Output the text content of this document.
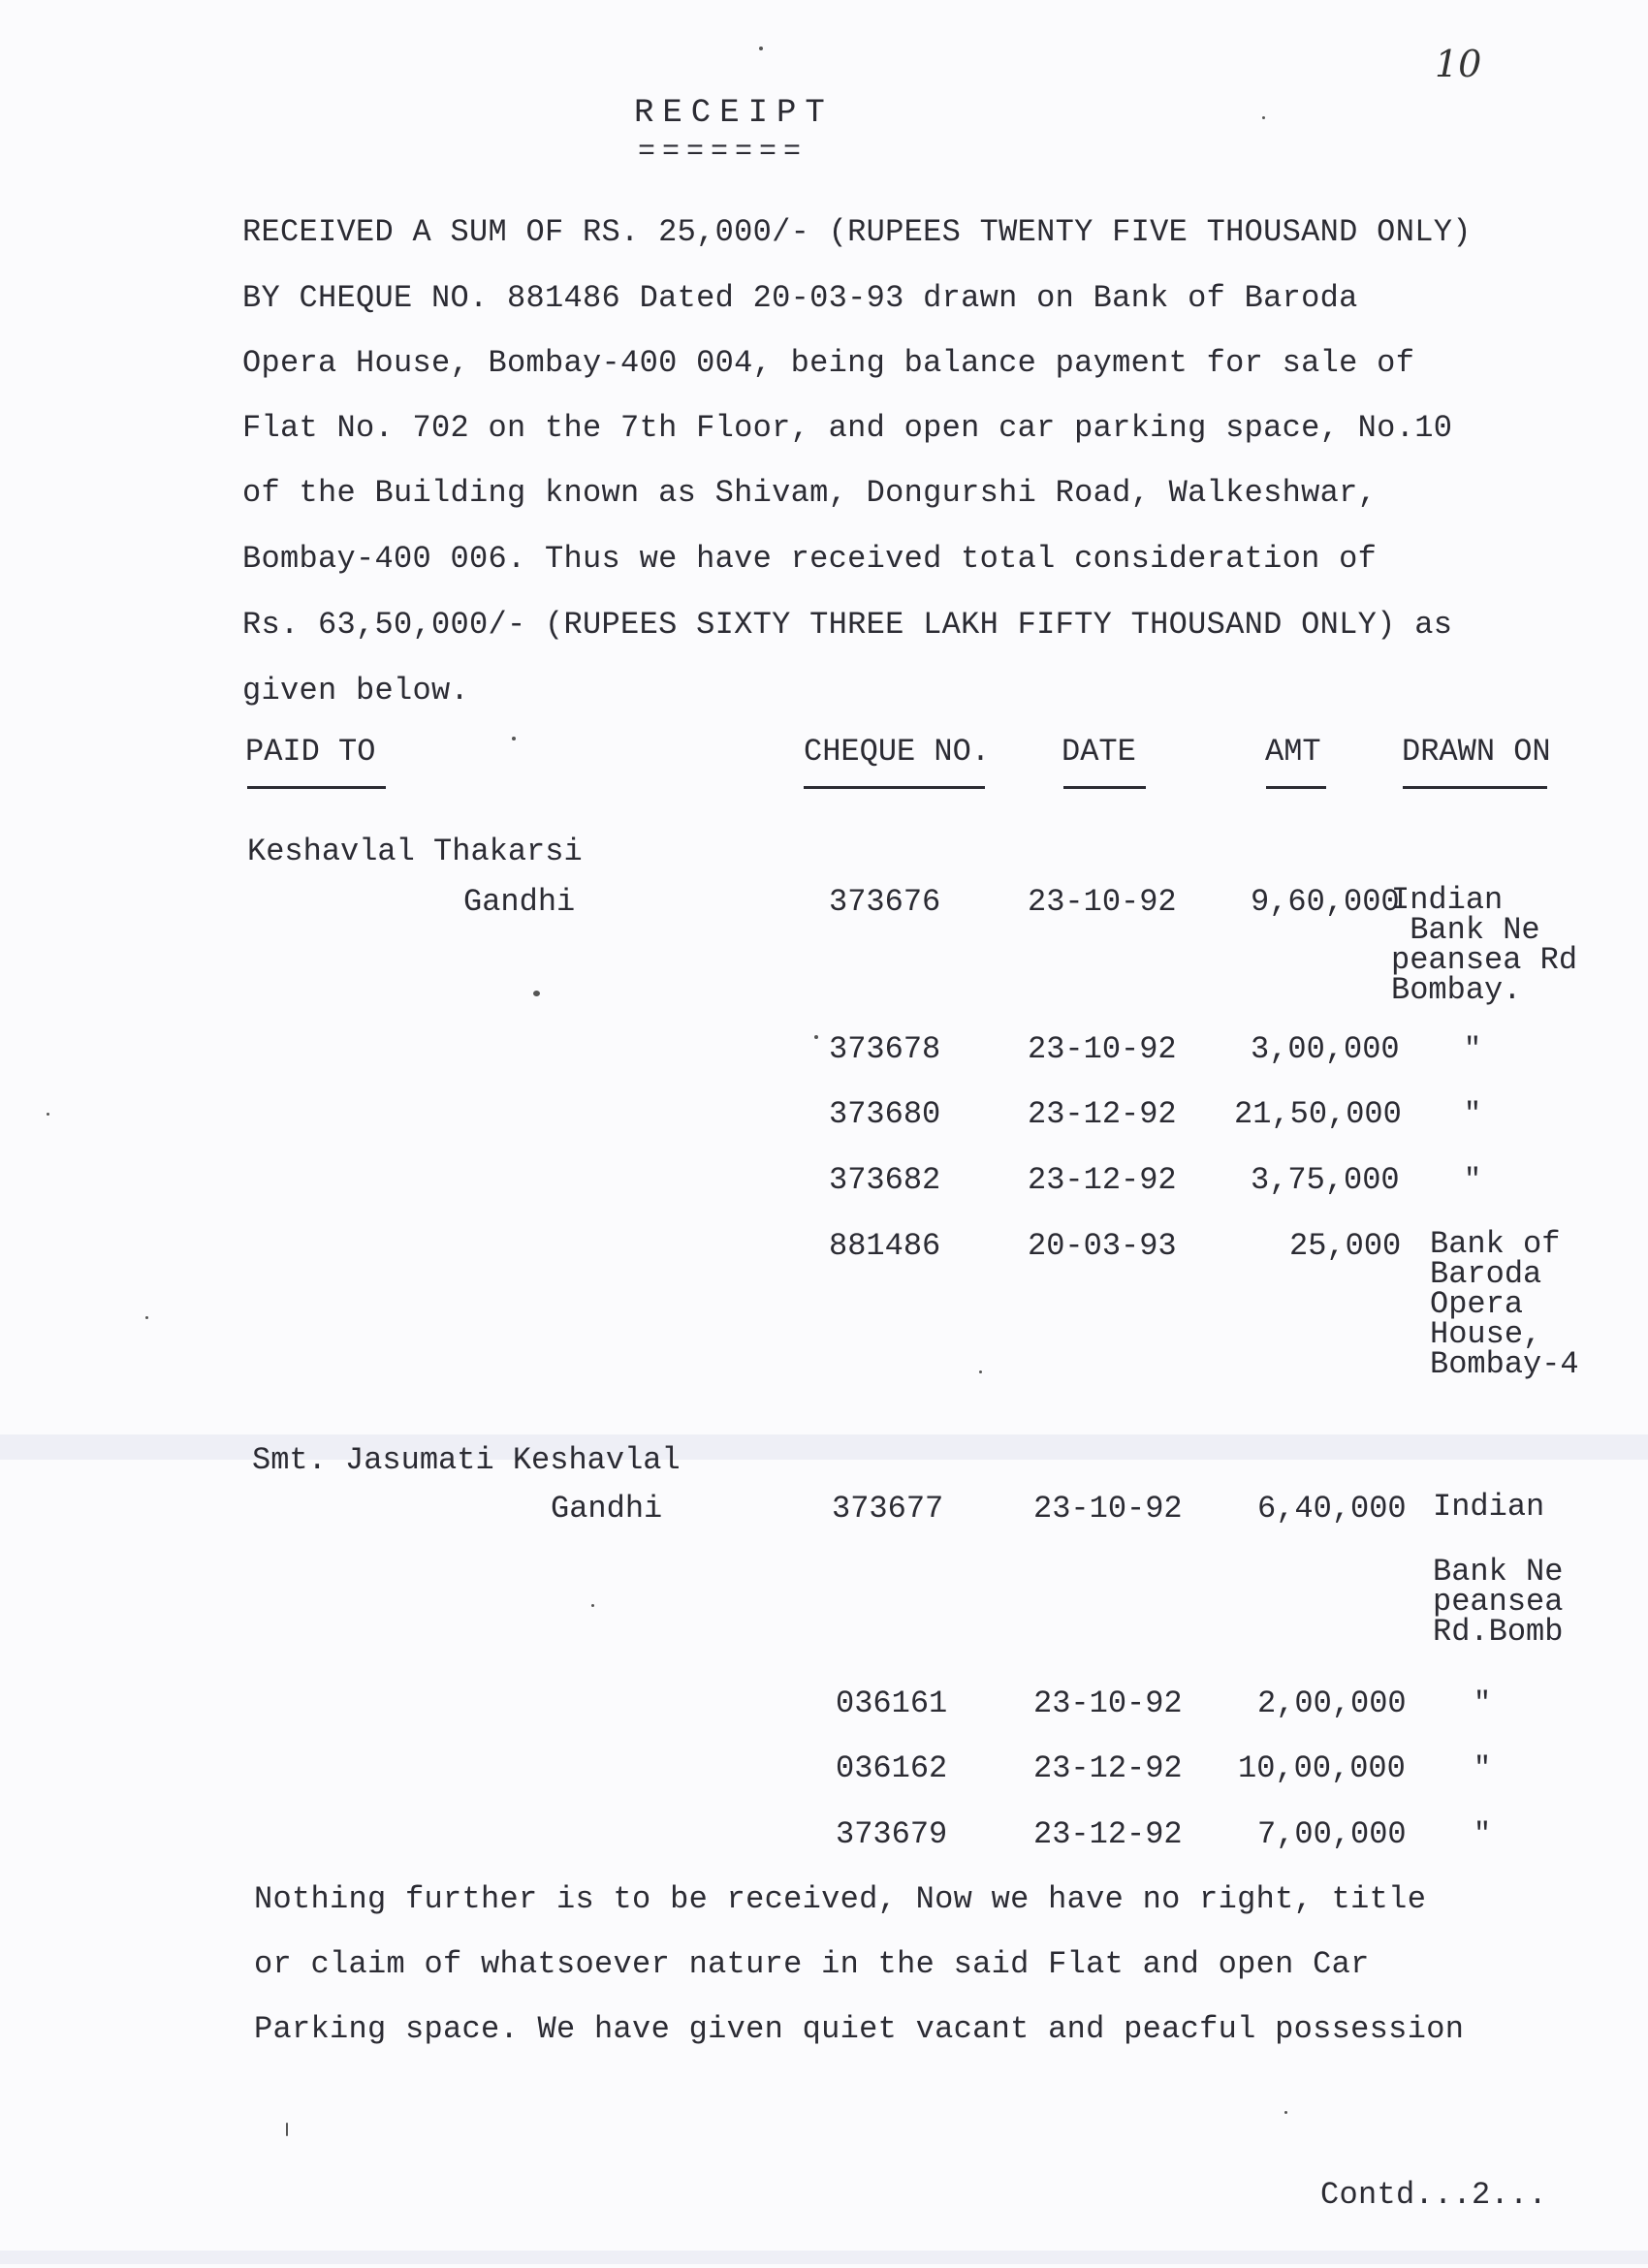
10
RECEIPT
=======
RECEIVED A SUM OF RS. 25,000/- (RUPEES TWENTY FIVE THOUSAND ONLY)
BY CHEQUE NO. 881486 Dated 20-03-93 drawn on Bank of Baroda
Opera House, Bombay-400 004, being balance payment for sale of
Flat No. 702 on the 7th Floor, and open car parking space, No.10
of the Building known as Shivam, Dongurshi Road, Walkeshwar,
Bombay-400 006. Thus we have received total consideration of
Rs. 63,50,000/- (RUPEES SIXTY THREE LAKH FIFTY THOUSAND ONLY) as
given below.
PAID TO	CHEQUE NO. DATE	AMT	DRAWN ON
Keshavlal Thakarsi
Gandhi	373676	23-10-92 9,60,000
Indian
Bank Ne
peansea Rd
Bombay.
373678	23-10-92 3,00,000 "
373680	23-12-92 21,50,000 "
373682	23-12-92 3,75,000 "
881486	20-03-93	25,000 Bank of
Baroda
Opera
House,
Bombay-4
Smt. Jasumati Keshavlal
Gandhi	373677	23-10-92 6,40,000 Indian
Bank Ne
peansea
Rd.Bomb
036161	23-10-92 2,00,000 "
036162	23-12-92 10,00,000 "
373679	23-12-92 7,00,000 "
Nothing further is to be received, Now we have no right, title
or claim of whatsoever nature in the said Flat and open Car
Parking space. We have given quiet vacant and peacful possession
Contd...2...
